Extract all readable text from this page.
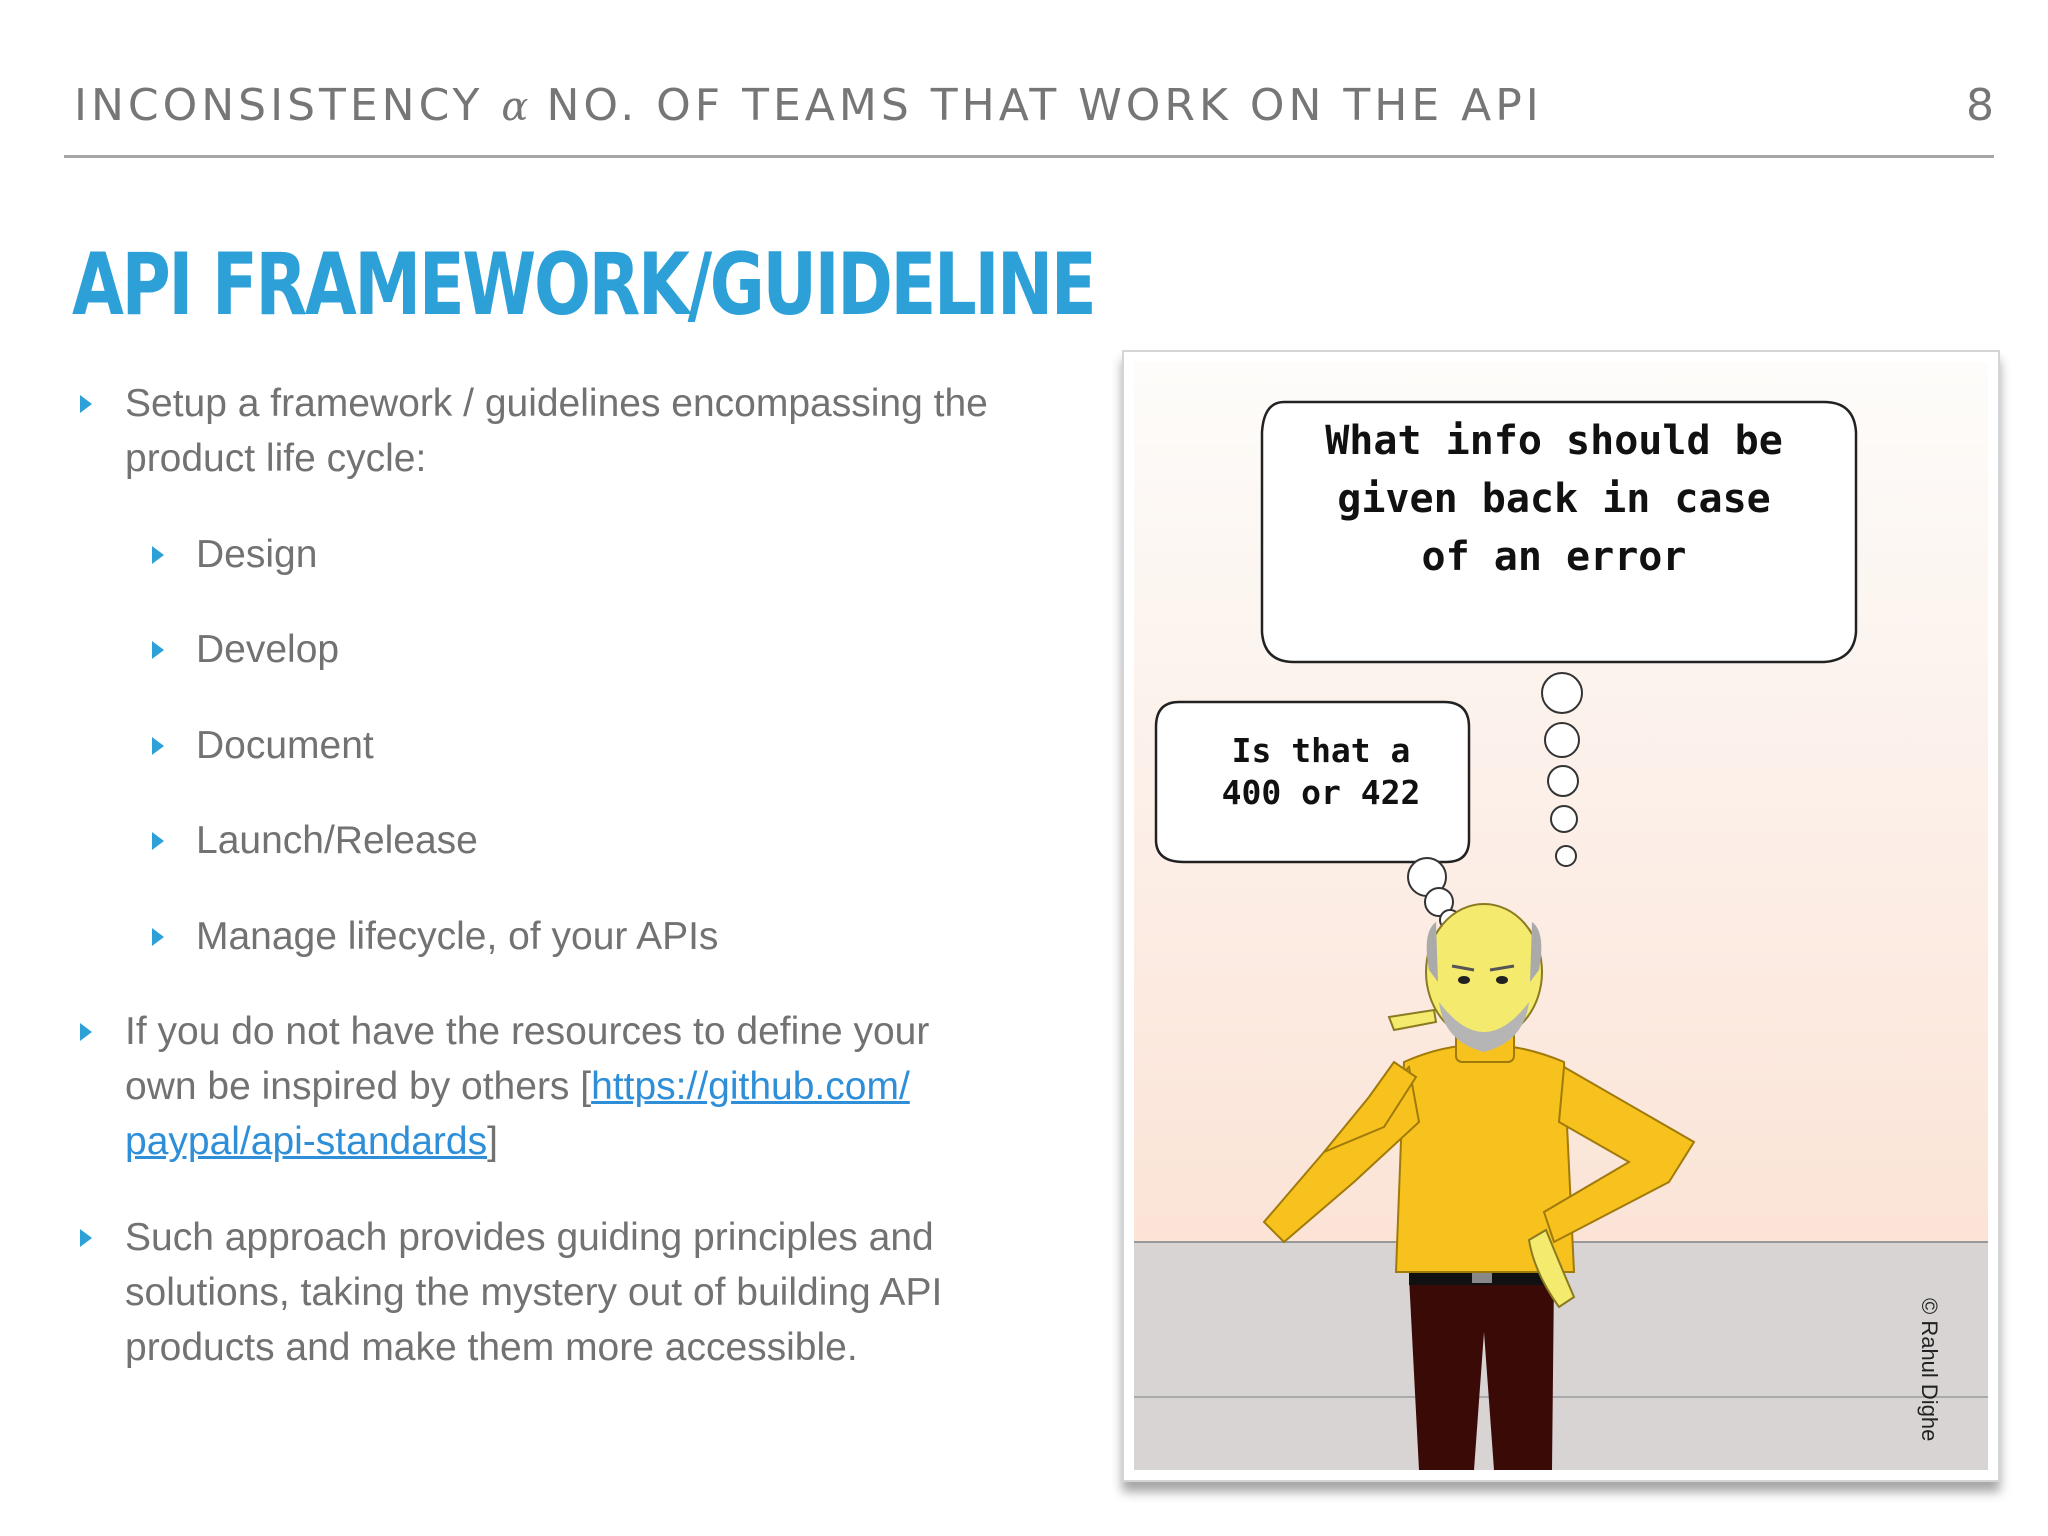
INCONSISTENCY α NO. OF TEAMS THAT WORK ON THE API	8
API FRAMEWORK/GUIDELINE
Setup a framework / guidelines encompassing the
product life cycle:
Design
Develop
Document
Launch/Release
Manage lifecycle, of your APIs
If you do not have the resources to define your
own be inspired by others [https://github.com/
paypal/api-standards]
Such approach provides guiding principles and
solutions, taking the mystery out of building API
products and make them more accessible.
What info should be
given back in case
of an error
Is that a
400 or 422
© Rahul Dighe
